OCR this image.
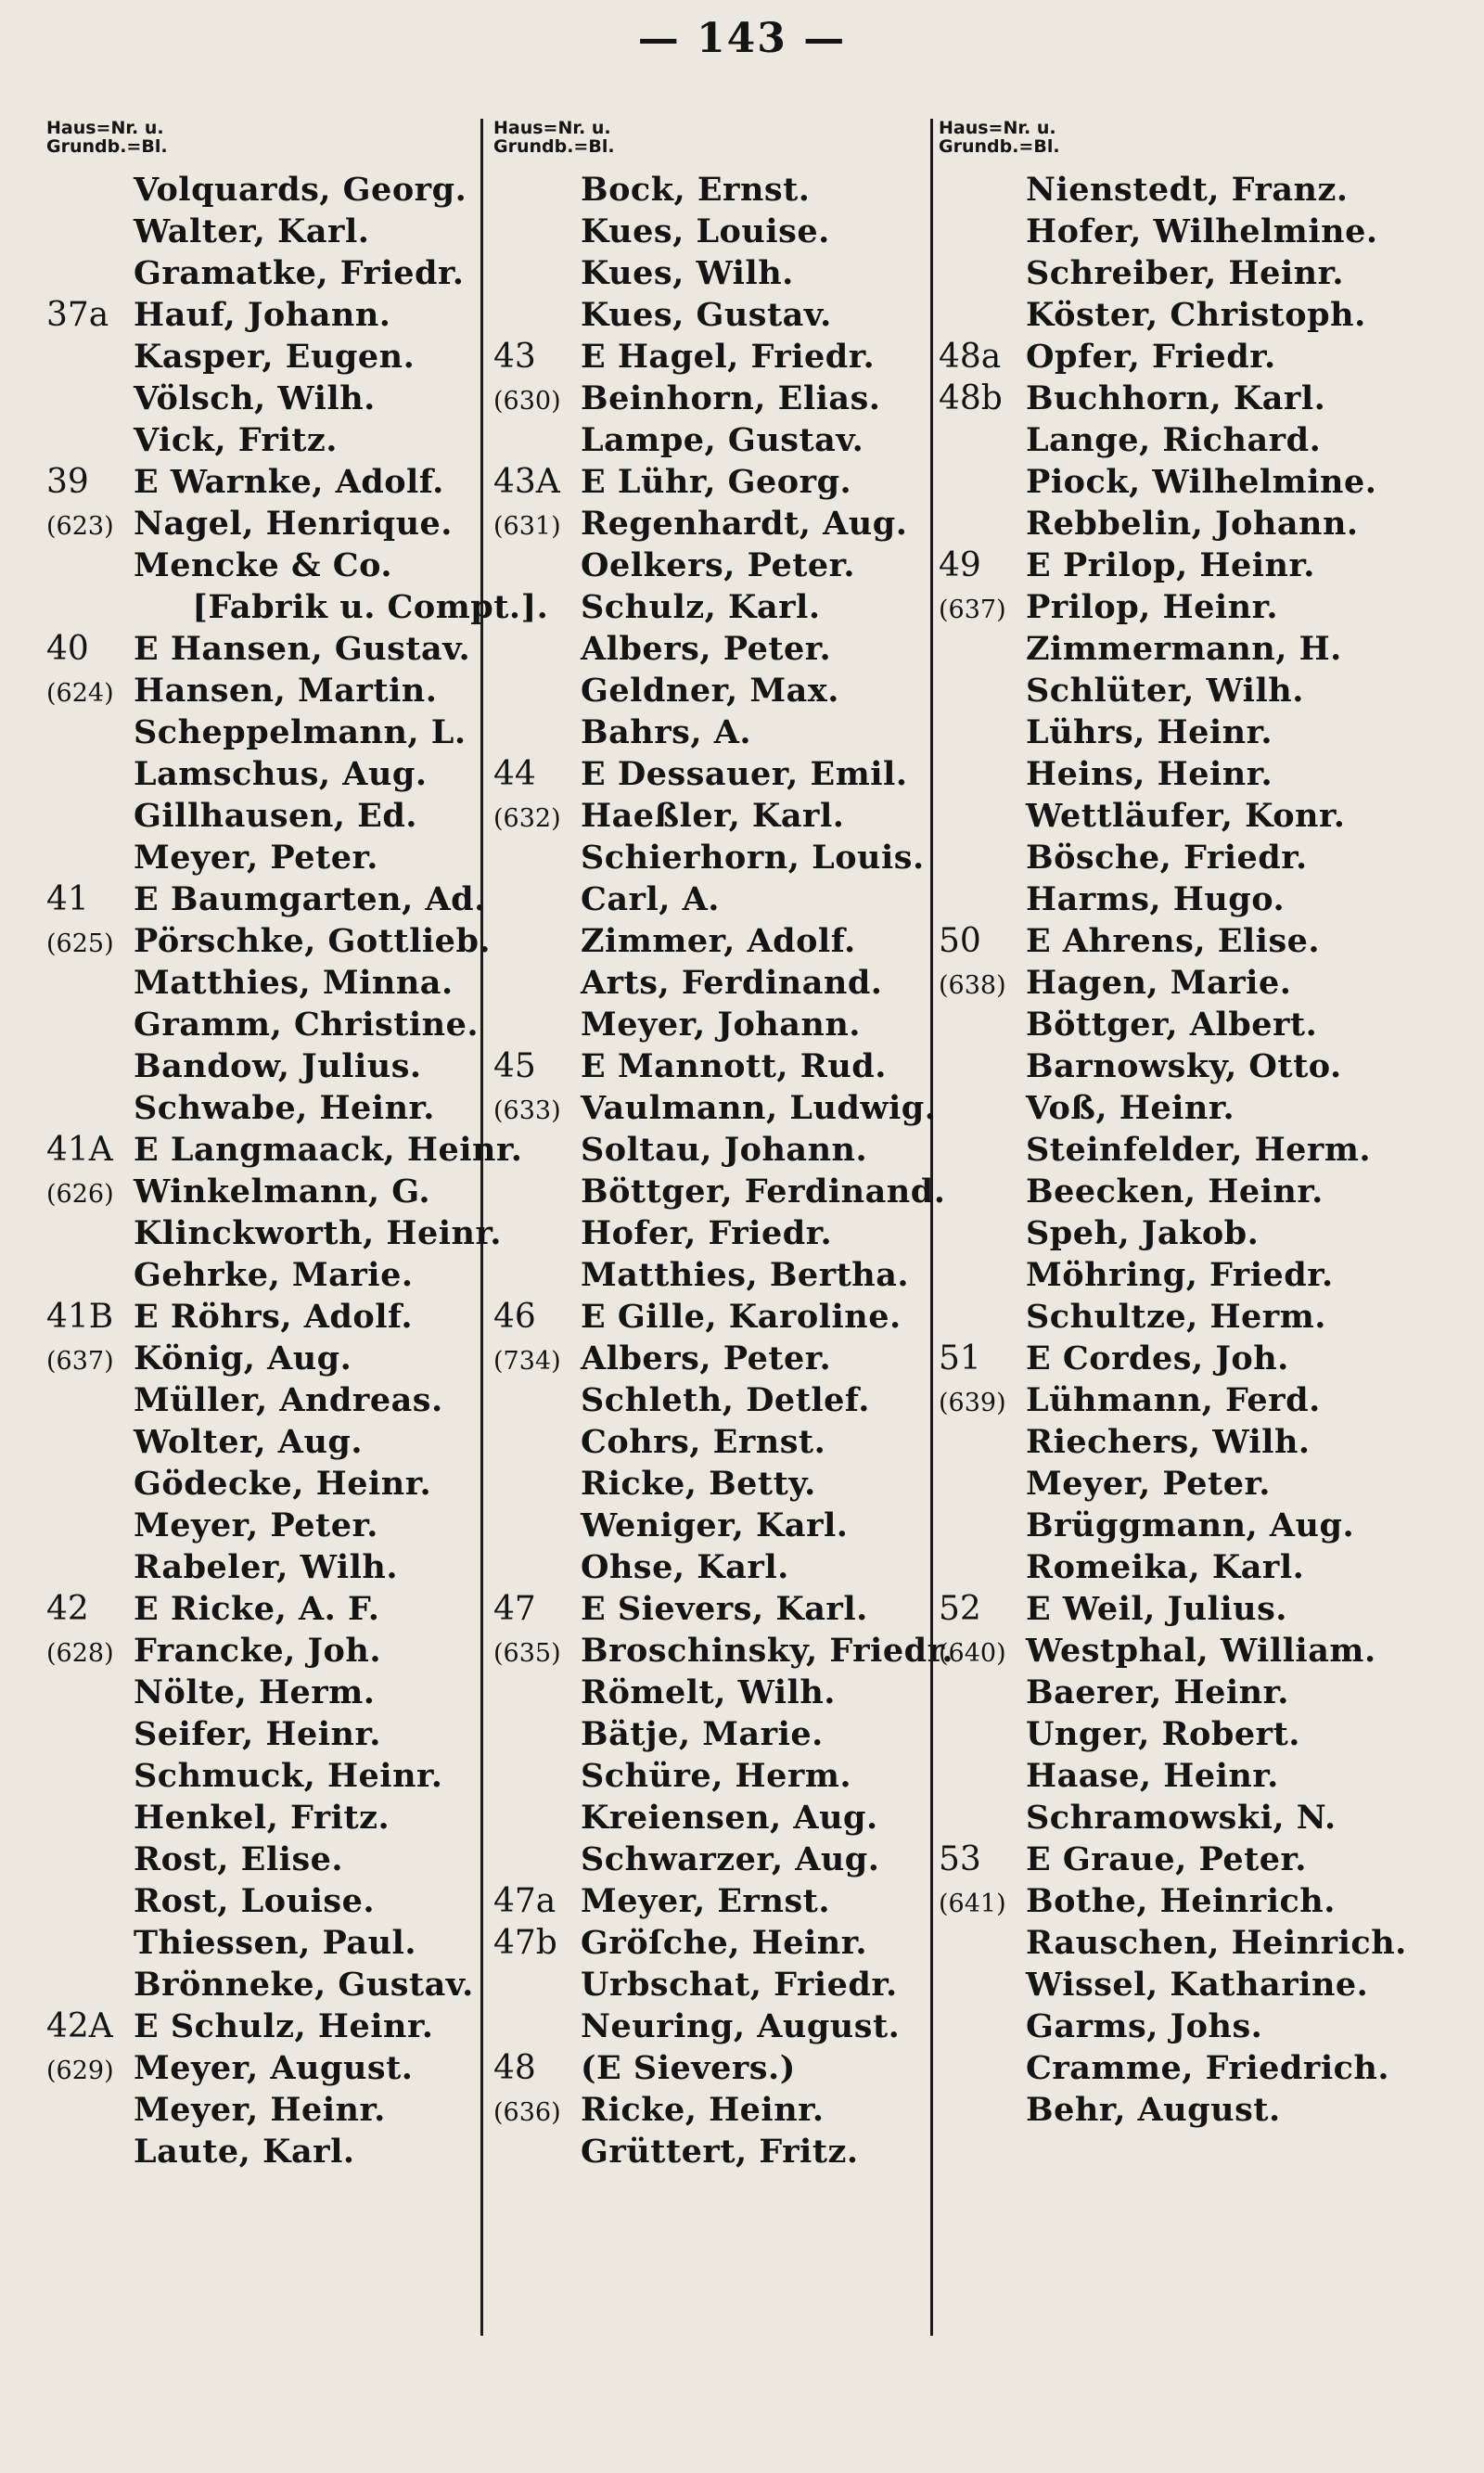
— 143 —
Haus=Nr. u.
Grundb.=Bl.
Volquards, Georg.
Walter, Karl.
Gramatke, Friedr.
37a Hauf, Johann.
Kasper, Eugen.
Völsch, Wilh.
Vick, Fritz.
39	E Warnke, Adolf.
(623) Nagel, Henrique.
Mencke & Co.
[Fabrik u. Compt.].
40	E Hansen, Gustav.
(624) Hansen, Martin.
Scheppelmann, L.
Lamschus, Aug.
Gillhausen, Ed.
Meyer, Peter.
41	E Baumgarten, Ad.
(625) Pörschke, Gottlieb.
Matthies, Minna.
Gramm, Christine.
Bandow, Julius.
Schwabe, Heinr.
41A E Langmaack, Heinr.
(626) Winkelmann, G.
Klinckworth, Heinr.
Gehrke, Marie.
41B E Röhrs, Adolf.
(637) König, Aug.
Müller, Andreas.
Wolter, Aug.
Gödecke, Heinr.
Meyer, Peter.
Rabeler, Wilh.
42	E Ricke, A. F.
(628) Francke, Joh.
Nölte, Herm.
Seifer, Heinr.
Schmuck, Heinr.
Henkel, Fritz.
Rost, Elise.
Rost, Louise.
Thiessen, Paul.
Brönneke, Gustav.
42A E Schulz, Heinr.
(629) Meyer, August.
Meyer, Heinr.
Laute, Karl.
Haus=Nr. u.
Grundb.=Bl.
Bock, Ernst.
Kues, Louise.
Kues, Wilh.
Kues, Gustav.
43	E Hagel, Friedr.
(630) Beinhorn, Elias.
Lampe, Gustav.
43A E Lühr, Georg.
(631) Regenhardt, Aug.
Oelkers, Peter.
Schulz, Karl.
Albers, Peter.
Geldner, Max.
Bahrs, A.
44	E Dessauer, Emil.
(632) Haeßler, Karl.
Schierhorn, Louis.
Carl, A.
Zimmer, Adolf.
Arts, Ferdinand.
Meyer, Johann.
45	E Mannott, Rud.
(633) Vaulmann, Ludwig.
Soltau, Johann.
Böttger, Ferdinand.
Hofer, Friedr.
Matthies, Bertha.
46	E Gille, Karoline.
(734) Albers, Peter.
Schleth, Detlef.
Cohrs, Ernst.
Ricke, Betty.
Weniger, Karl.
Ohse, Karl.
47	E Sievers, Karl.
(635) Broschinsky, Friedr.
Römelt, Wilh.
Bätje, Marie.
Schüre, Herm.
Kreiensen, Aug.
Schwarzer, Aug.
47a Meyer, Ernst.
47b Gröſche, Heinr.
Urbschat, Friedr.
Neuring, August.
48	(E Sievers.)
(636) Ricke, Heinr.
Grüttert, Fritz.
Haus=Nr. u.
Grundb.=Bl.
Nienstedt, Franz.
Hofer, Wilhelmine.
Schreiber, Heinr.
Köster, Christoph.
48a Opfer, Friedr.
48b Buchhorn, Karl.
Lange, Richard.
Piock, Wilhelmine.
Rebbelin, Johann.
49	E Prilop, Heinr.
(637) Prilop, Heinr.
Zimmermann, H.
Schlüter, Wilh.
Lührs, Heinr.
Heins, Heinr.
Wettläufer, Konr.
Bösche, Friedr.
Harms, Hugo.
50	E Ahrens, Elise.
(638) Hagen, Marie.
Böttger, Albert.
Barnowsky, Otto.
Voß, Heinr.
Steinfelder, Herm.
Beecken, Heinr.
Speh, Jakob.
Möhring, Friedr.
Schultze, Herm.
51	E Cordes, Joh.
(639) Lühmann, Ferd.
Riechers, Wilh.
Meyer, Peter.
Brüggmann, Aug.
Romeika, Karl.
52	E Weil, Julius.
(640) Westphal, William.
Baerer, Heinr.
Unger, Robert.
Haase, Heinr.
Schramowski, N.
53	E Graue, Peter.
(641) Bothe, Heinrich.
Rauschen, Heinrich.
Wissel, Katharine.
Garms, Johs.
Cramme, Friedrich.
Behr, August.
